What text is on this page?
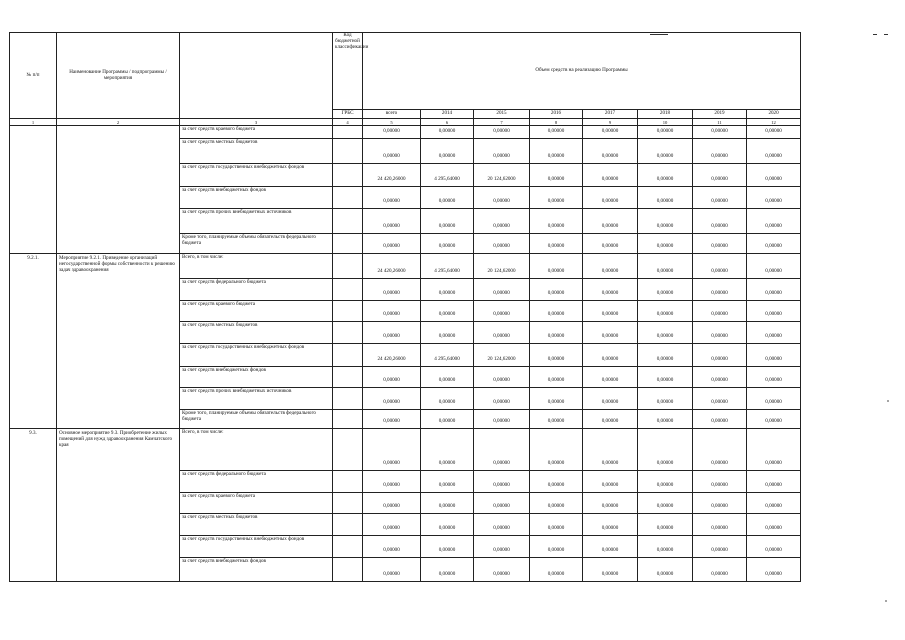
№ п/п	Наименование Программы / подпрограммы / мероприятия		Код бюджетной классификации	Объем средств на реализацию Программы							
			ГРБС	всего	2014	2015	2016	2017	2018	2019	2020
1	2	3	4	5	6	7	8	9	10	11	12
		за счет средств краевого бюджета		0,00000	0,00000	0,00000	0,00000	0,00000	0,00000	0,00000	0,00000
		за счет средств местных бюджетов		0,00000	0,00000	0,00000	0,00000	0,00000	0,00000	0,00000	0,00000
		за счет средств государственных внебюджетных фондов		24 420,26000	4 295,64000	20 124,62000	0,00000	0,00000	0,00000	0,00000	0,00000
		за счет средств внебюджетных фондов		0,00000	0,00000	0,00000	0,00000	0,00000	0,00000	0,00000	0,00000
		за счет средств прочих внебюджетных источников		0,00000	0,00000	0,00000	0,00000	0,00000	0,00000	0,00000	0,00000
		Кроме того, планируемые объемы обязательств федерального бюджета		0,00000	0,00000	0,00000	0,00000	0,00000	0,00000	0,00000	0,00000
9.2.1.	Мероприятие 9.2.1. Приведение организаций негосударственной формы собственности к решению задач здравоохранения	Всего, в том числе:		24 420,26000	4 295,64000	20 124,62000	0,00000	0,00000	0,00000	0,00000	0,00000
		за счет средств федерального бюджета		0,00000	0,00000	0,00000	0,00000	0,00000	0,00000	0,00000	0,00000
		за счет средств краевого бюджета		0,00000	0,00000	0,00000	0,00000	0,00000	0,00000	0,00000	0,00000
		за счет средств местных бюджетов		0,00000	0,00000	0,00000	0,00000	0,00000	0,00000	0,00000	0,00000
		за счет средств государственных внебюджетных фондов		24 420,26000	4 295,64000	20 124,62000	0,00000	0,00000	0,00000	0,00000	0,00000
		за счет средств внебюджетных фондов		0,00000	0,00000	0,00000	0,00000	0,00000	0,00000	0,00000	0,00000
		за счет средств прочих внебюджетных источников		0,00000	0,00000	0,00000	0,00000	0,00000	0,00000	0,00000	0,00000
		Кроме того, планируемые объемы обязательств федерального бюджета		0,00000	0,00000	0,00000	0,00000	0,00000	0,00000	0,00000	0,00000
9.3.	Основное мероприятие 9.3. Приобретение жилых помещений для нужд здравоохранения Камчатского края	Всего, в том числе:		0,00000	0,00000	0,00000	0,00000	0,00000	0,00000	0,00000	0,00000
		за счет средств федерального бюджета		0,00000	0,00000	0,00000	0,00000	0,00000	0,00000	0,00000	0,00000
		за счет средств краевого бюджета		0,00000	0,00000	0,00000	0,00000	0,00000	0,00000	0,00000	0,00000
		за счет средств местных бюджетов		0,00000	0,00000	0,00000	0,00000	0,00000	0,00000	0,00000	0,00000
		за счет средств государственных внебюджетных фондов		0,00000	0,00000	0,00000	0,00000	0,00000	0,00000	0,00000	0,00000
		за счет средств внебюджетных фондов		0,00000	0,00000	0,00000	0,00000	0,00000	0,00000	0,00000	0,00000
